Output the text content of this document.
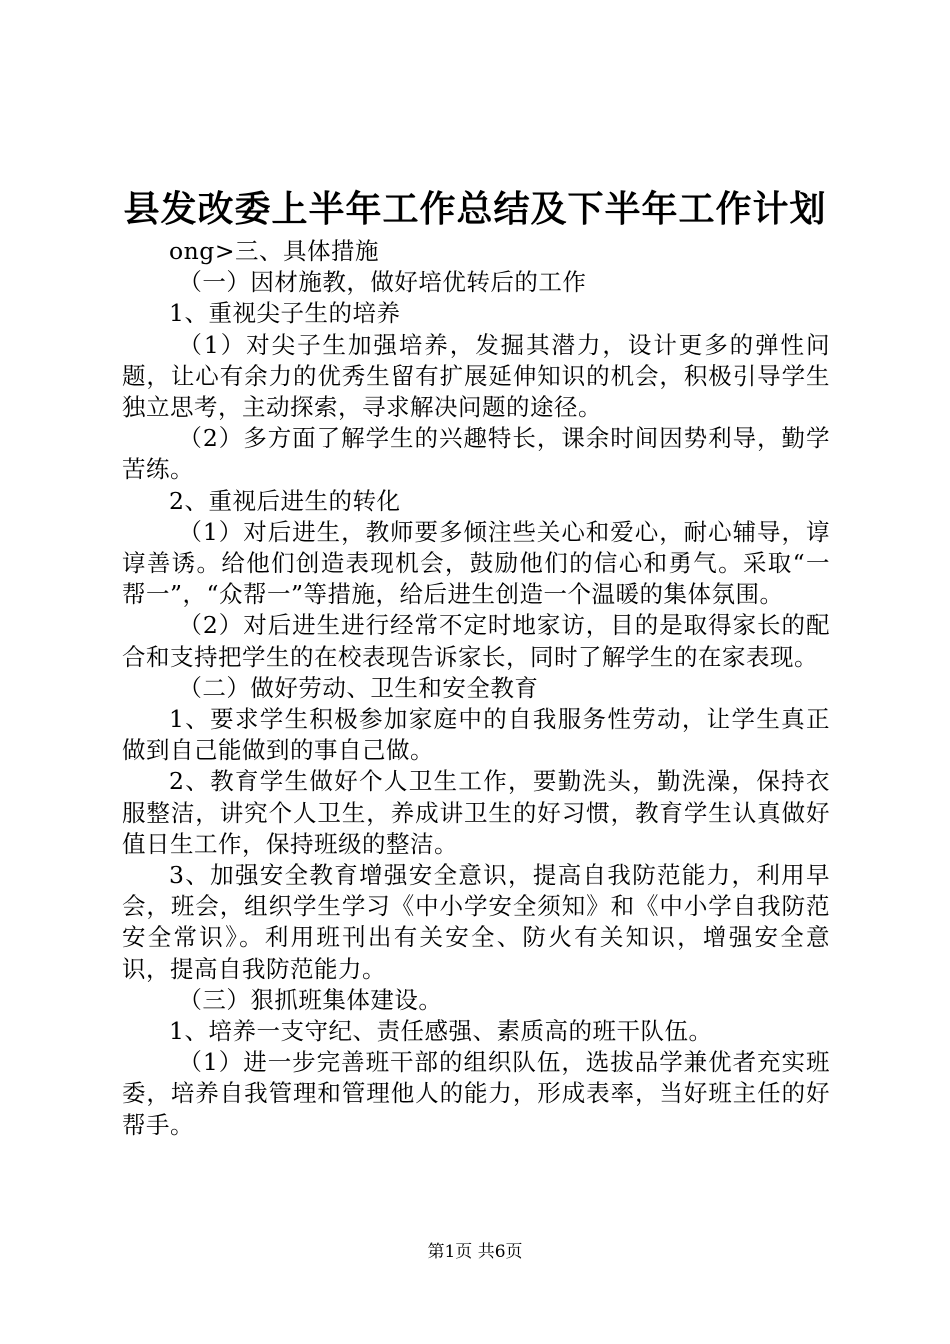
县发改委上半年工作总结及下半年工作计划

ong>三、具体措施

（一）因材施教，做好培优转后的工作

1、重视尖子生的培养

（1）对尖子生加强培养，发掘其潜力，设计更多的弹性问题，让心有余力的优秀生留有扩展延伸知识的机会，积极引导学生独立思考，主动探索，寻求解决问题的途径。

（2）多方面了解学生的兴趣特长，课余时间因势利导，勤学苦练。

2、重视后进生的转化

（1）对后进生，教师要多倾注些关心和爱心，耐心辅导，谆谆善诱。给他们创造表现机会，鼓励他们的信心和勇气。采取“一帮一”，“众帮一”等措施，给后进生创造一个温暖的集体氛围。

（2）对后进生进行经常不定时地家访，目的是取得家长的配合和支持把学生的在校表现告诉家长，同时了解学生的在家表现。

（二）做好劳动、卫生和安全教育

1、要求学生积极参加家庭中的自我服务性劳动，让学生真正做到自己能做到的事自己做。

2、教育学生做好个人卫生工作，要勤洗头，勤洗澡，保持衣服整洁，讲究个人卫生，养成讲卫生的好习惯，教育学生认真做好值日生工作，保持班级的整洁。

3、加强安全教育增强安全意识，提高自我防范能力，利用早会，班会，组织学生学习《中小学安全须知》和《中小学自我防范安全常识》。利用班刊出有关安全、防火有关知识，增强安全意识，提高自我防范能力。

（三）狠抓班集体建设。

1、培养一支守纪、责任感强、素质高的班干队伍。

（1）进一步完善班干部的组织队伍，选拔品学兼优者充实班委，培养自我管理和管理他人的能力，形成表率，当好班主任的好帮手。

第1页 共6页
